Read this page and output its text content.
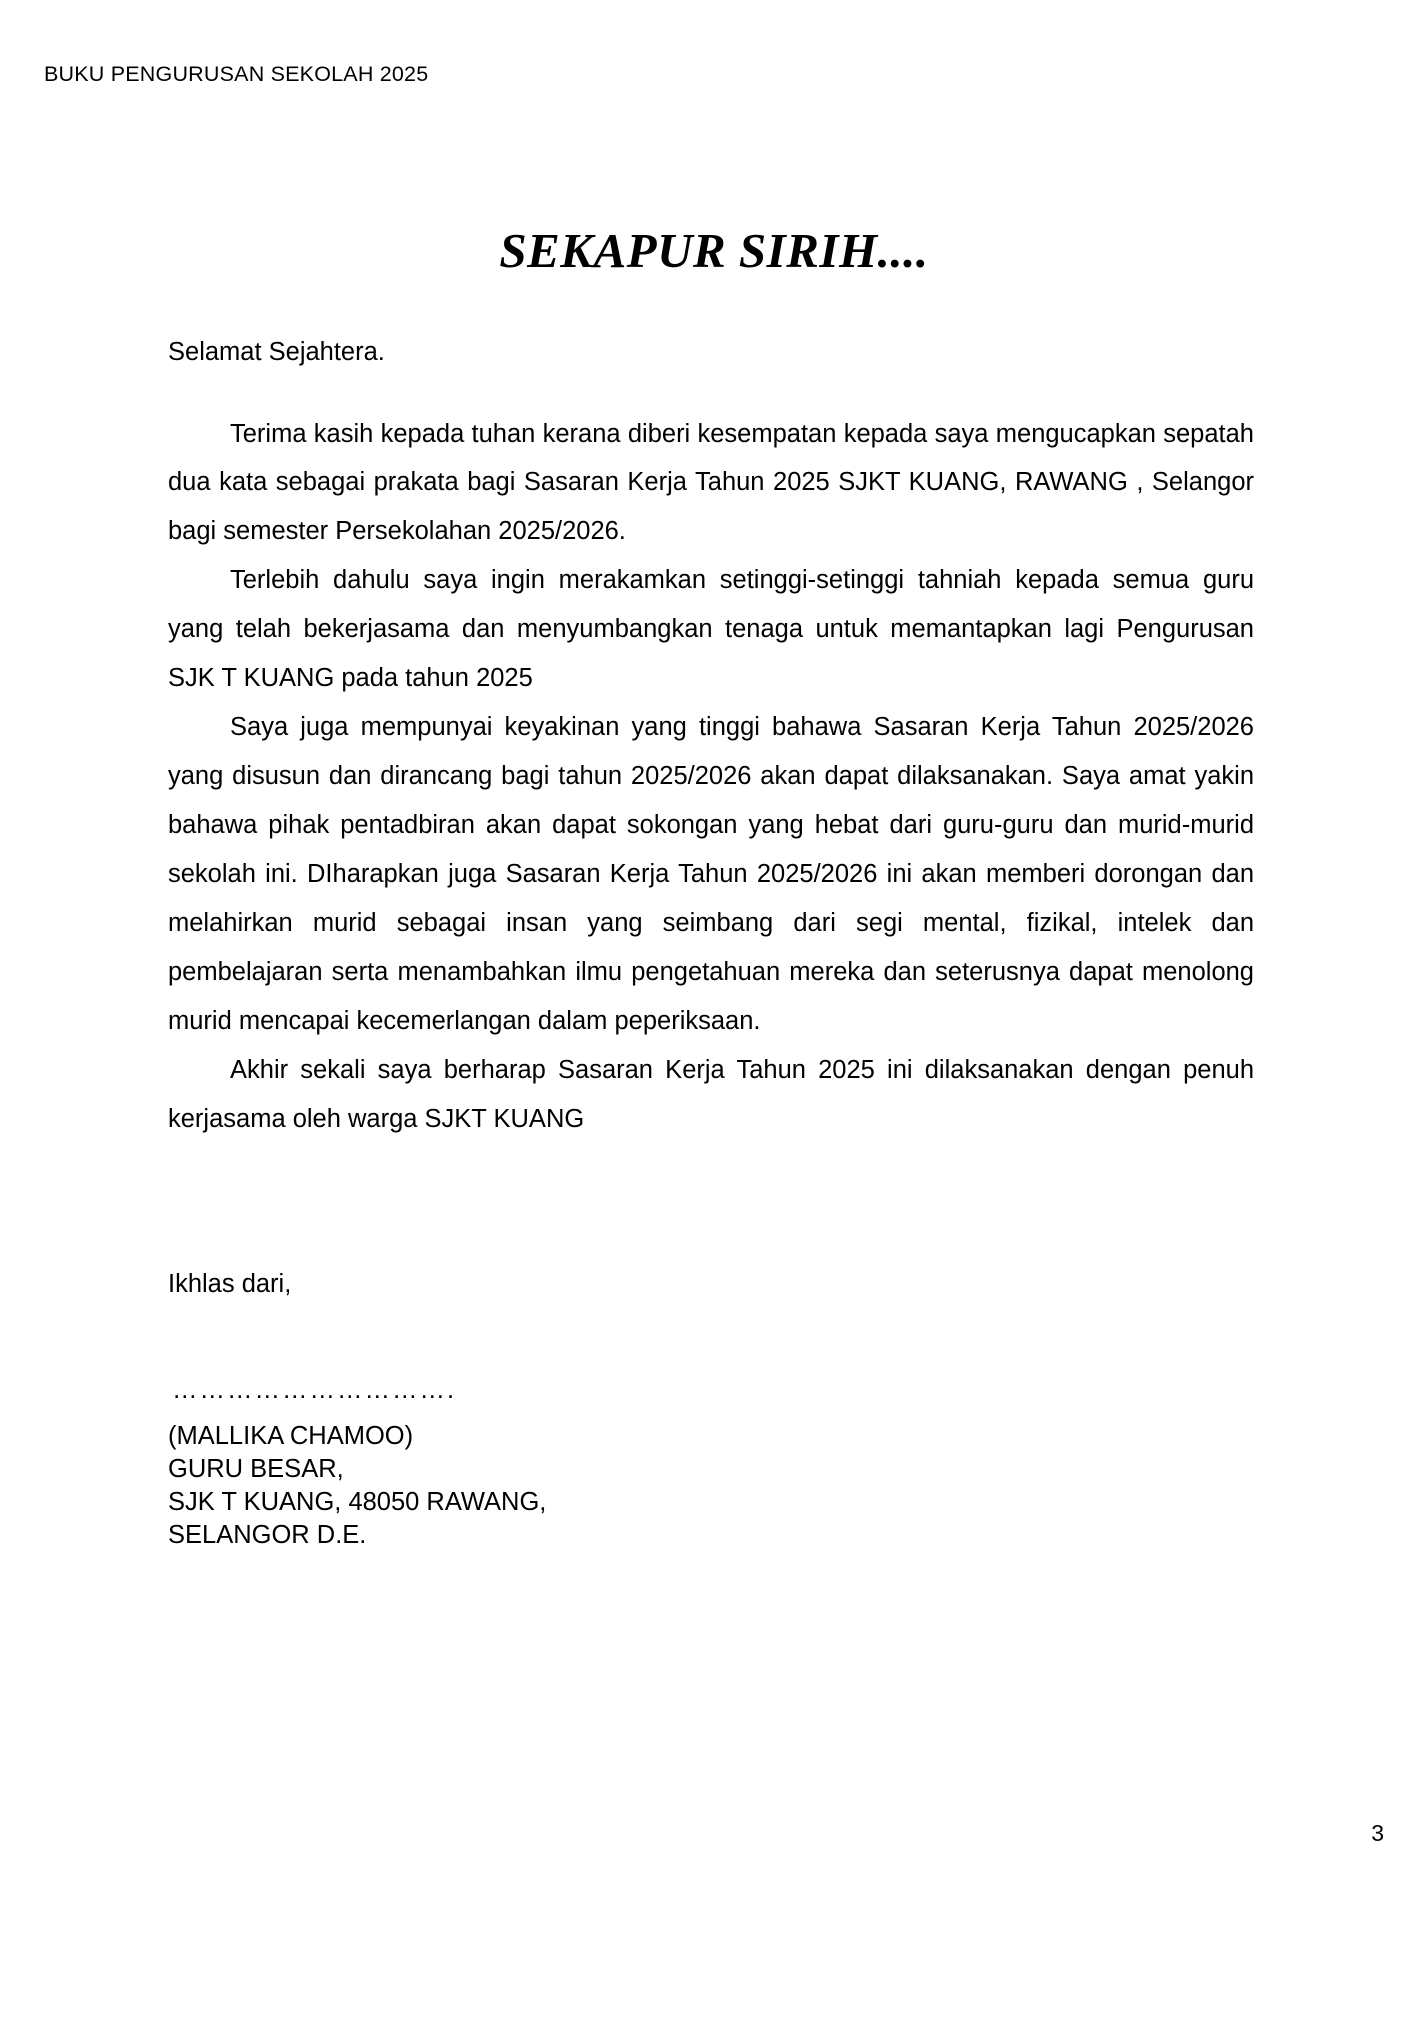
BUKU PENGURUSAN SEKOLAH 2025
SEKAPUR SIRIH....

Selamat Sejahtera.

Terima kasih kepada tuhan kerana diberi kesempatan kepada saya mengucapkan sepatah dua kata sebagai prakata bagi Sasaran Kerja Tahun 2025 SJKT KUANG, RAWANG , Selangor bagi semester Persekolahan 2025/2026.

Terlebih dahulu saya ingin merakamkan setinggi-setinggi tahniah kepada semua guru yang telah bekerjasama dan menyumbangkan tenaga untuk memantapkan lagi Pengurusan SJK T KUANG pada tahun 2025

Saya juga mempunyai keyakinan yang tinggi bahawa Sasaran Kerja Tahun 2025/2026 yang disusun dan dirancang bagi tahun 2025/2026 akan dapat dilaksanakan. Saya amat yakin bahawa pihak pentadbiran akan dapat sokongan yang hebat dari guru-guru dan murid-murid sekolah ini. DIharapkan juga Sasaran Kerja Tahun 2025/2026 ini akan memberi dorongan dan melahirkan murid sebagai insan yang seimbang dari segi mental, fizikal, intelek dan pembelajaran serta menambahkan ilmu pengetahuan mereka dan seterusnya dapat menolong murid mencapai kecemerlangan dalam peperiksaan.

Akhir sekali saya berharap Sasaran Kerja Tahun 2025 ini dilaksanakan dengan penuh kerjasama oleh warga SJKT KUANG

Ikhlas dari,
………………………….
(MALLIKA CHAMOO)
GURU BESAR,
SJK T KUANG, 48050 RAWANG,
SELANGOR D.E.
3
